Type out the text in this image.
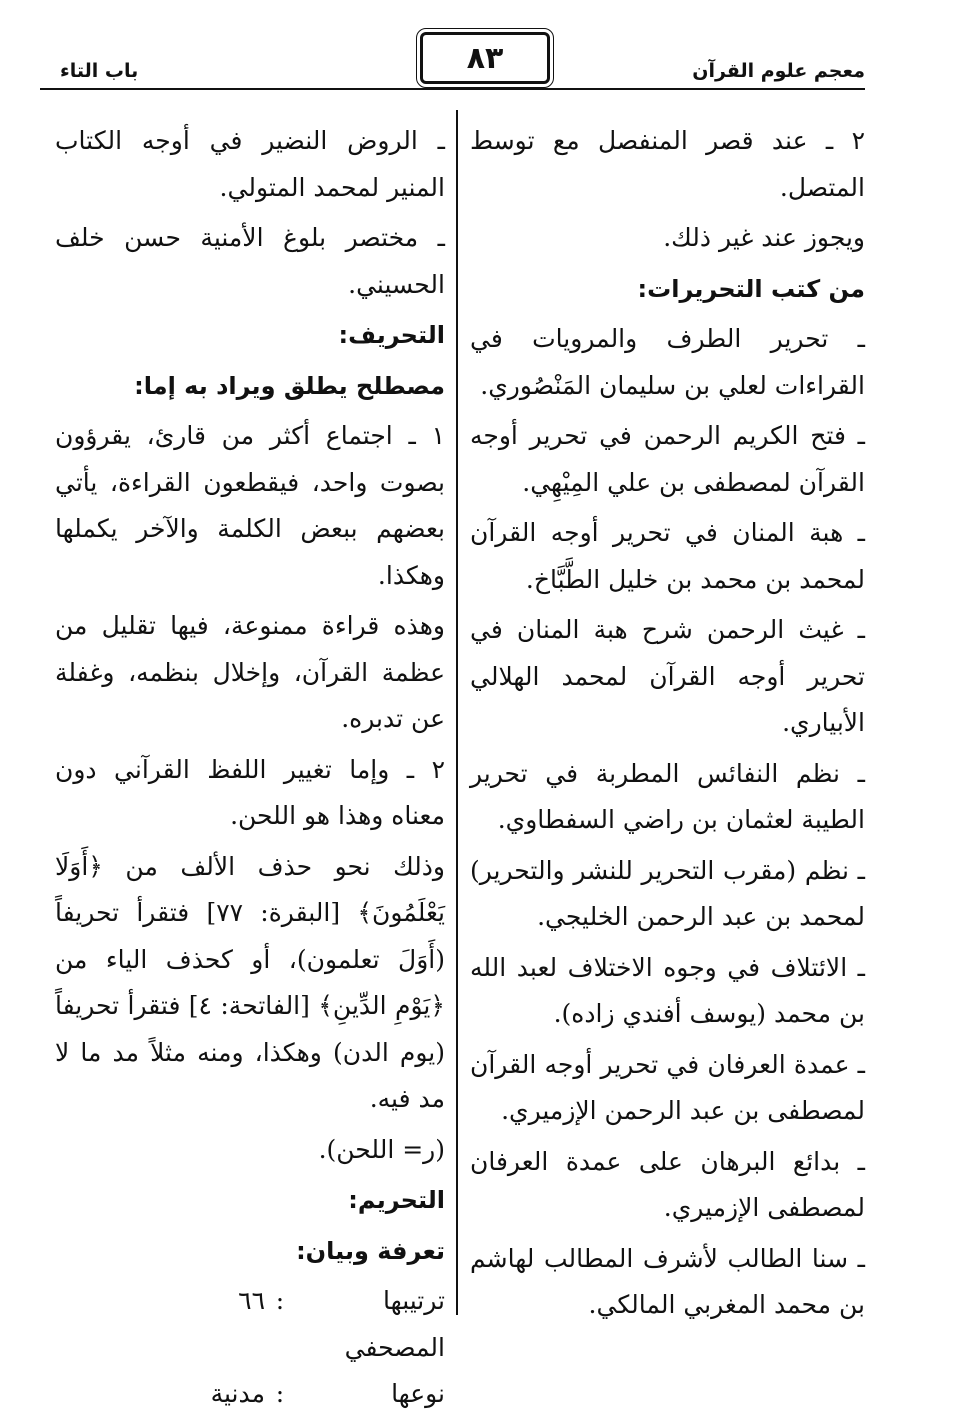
معجم علوم القرآن
٨٣
باب التاء

٢ ـ عند قصر المنفصل مع توسط المتصل.

ويجوز عند غير ذلك.

من كتب التحريرات:

ـ تحرير الطرف والمرويات في القراءات لعلي بن سليمان المَنْصُوري.

ـ فتح الكريم الرحمن في تحرير أوجه القرآن لمصطفى بن علي المِيْهِي.

ـ هبة المنان في تحرير أوجه القرآن لمحمد بن محمد بن خليل الطَّبَّاخ.

ـ غيث الرحمن شرح هبة المنان في تحرير أوجه القرآن لمحمد الهلالي الأبياري.

ـ نظم النفائس المطربة في تحرير الطيبة لعثمان بن راضي السفطاوي.

ـ نظم (مقرب التحرير للنشر والتحرير) لمحمد بن عبد الرحمن الخليجي.

ـ الائتلاف في وجوه الاختلاف لعبد الله بن محمد (يوسف أفندي زاده).

ـ عمدة العرفان في تحرير أوجه القرآن لمصطفى بن عبد الرحمن الإزميري.

ـ بدائع البرهان على عمدة العرفان لمصطفى الإزميري.

ـ سنا الطالب لأشرف المطالب لهاشم بن محمد المغربي المالكي.

ـ الروض النضير في أوجه الكتاب المنير لمحمد المتولي.

ـ مختصر بلوغ الأمنية حسن خلف الحسيني.

التحريف:

مصطلح يطلق ويراد به إما:

١ ـ اجتماع أكثر من قارئ، يقرؤون بصوت واحد، فيقطعون القراءة، يأتي بعضهم ببعض الكلمة والآخر يكملها وهكذا.

وهذه قراءة ممنوعة، فيها تقليل من عظمة القرآن، وإخلال بنظمه، وغفلة عن تدبره.

٢ ـ وإما تغيير اللفظ القرآني دون معناه وهذا هو اللحن.

وذلك نحو حذف الألف من ﴿أَوَلَا يَعْلَمُونَ﴾ [البقرة: ٧٧] فتقرأ تحريفاً (أَوَلَ تعلمون)، أو كحذف الياء من ﴿يَوْمِ الدِّينِ﴾ [الفاتحة: ٤] فتقرأ تحريفاً (يوم الدن) وهكذا، ومنه مثلاً مد ما لا مد فيه.

(ر= اللحن).

التحريم:

تعرفة وبيان:

ترتيبها المصحفي
:
٦٦
نوعها
:
مدنية
